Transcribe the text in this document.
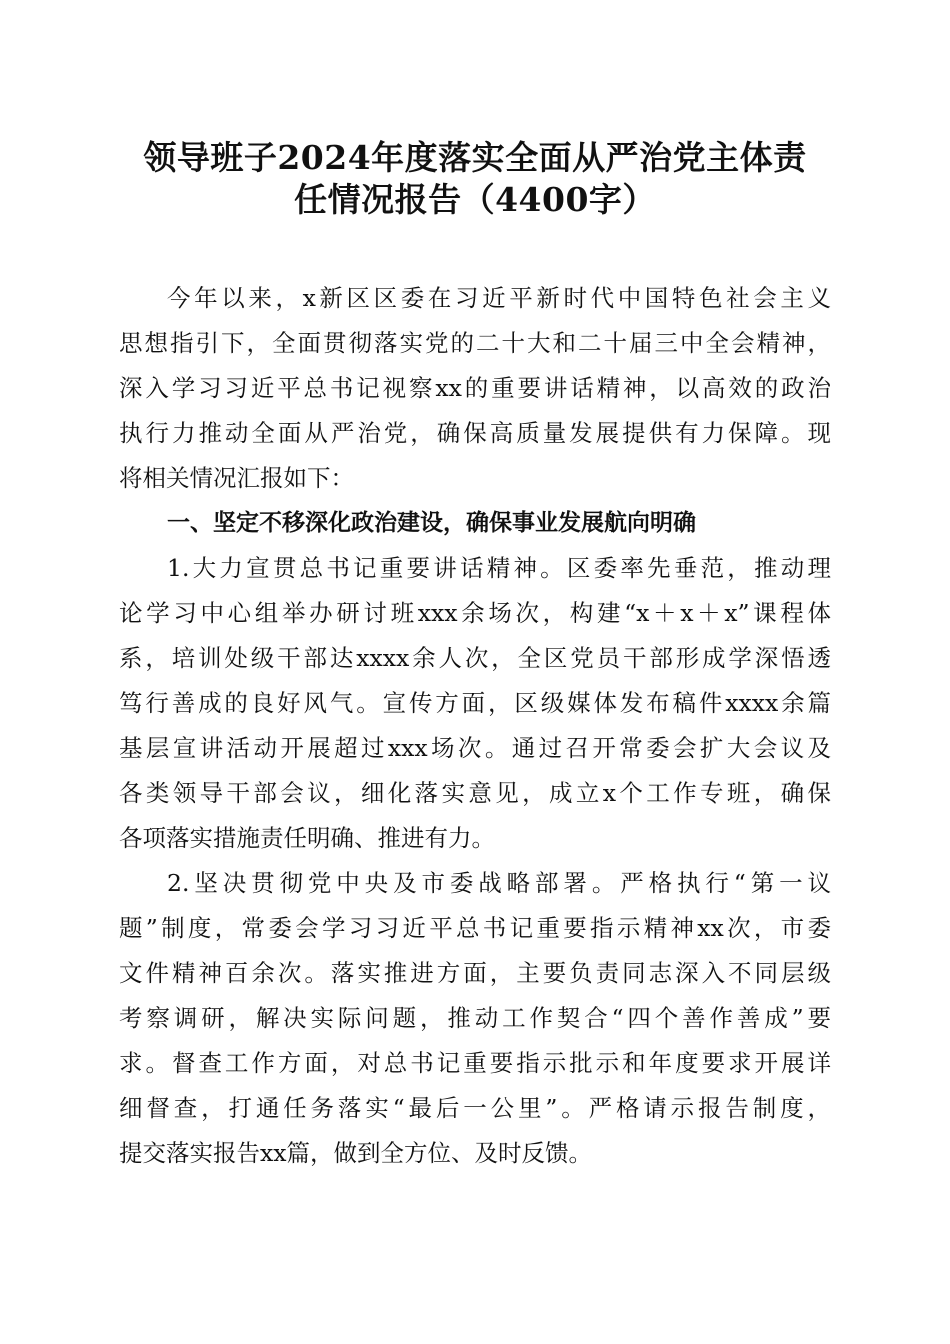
领导班子2024年度落实全面从严治党主体责
任情况报告（4400字）
今年以来，x新区区委在习近平新时代中国特色社会主义
思想指引下，全面贯彻落实党的二十大和二十届三中全会精神，
深入学习习近平总书记视察xx的重要讲话精神，以高效的政治
执行力推动全面从严治党，确保高质量发展提供有力保障。现
将相关情况汇报如下：
一、坚定不移深化政治建设，确保事业发展航向明确
1.大力宣贯总书记重要讲话精神。区委率先垂范，推动理
论学习中心组举办研讨班xxx余场次，构建“x＋x＋x”课程体
系，培训处级干部达xxxx余人次，全区党员干部形成学深悟透
笃行善成的良好风气。宣传方面，区级媒体发布稿件xxxx余篇
基层宣讲活动开展超过xxx场次。通过召开常委会扩大会议及
各类领导干部会议，细化落实意见，成立x个工作专班，确保
各项落实措施责任明确、推进有力。
2.坚决贯彻党中央及市委战略部署。严格执行“第一议
题”制度，常委会学习习近平总书记重要指示精神xx次，市委
文件精神百余次。落实推进方面，主要负责同志深入不同层级
考察调研，解决实际问题，推动工作契合“四个善作善成”要
求。督查工作方面，对总书记重要指示批示和年度要求开展详
细督查，打通任务落实“最后一公里”。严格请示报告制度，
提交落实报告xx篇，做到全方位、及时反馈。
